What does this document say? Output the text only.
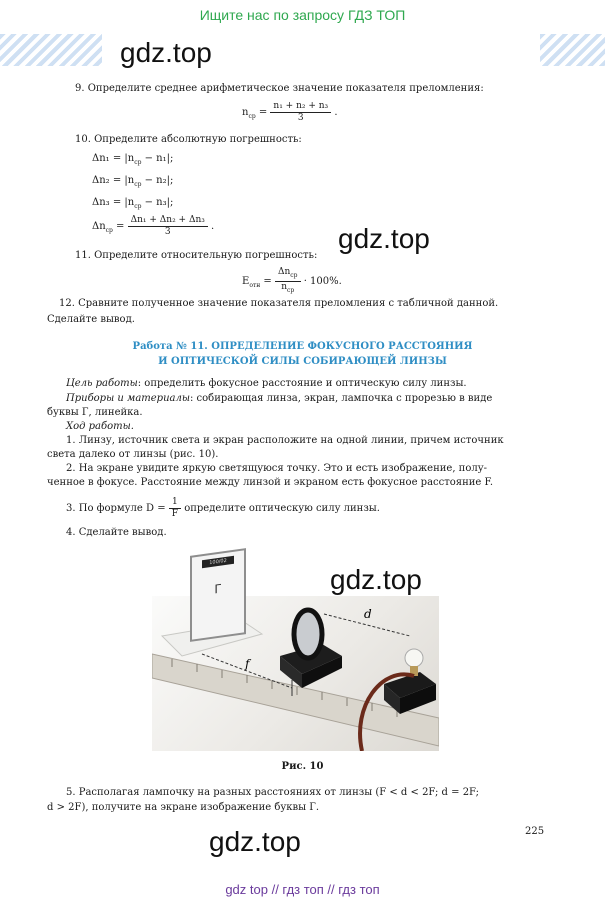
Ищите нас по запросу ГДЗ ТОП
gdz.top
9. Определите среднее арифметическое значение показателя преломления:
$n_{ср} = \frac{\text{n₁ + n₂ + n₃}}{3}$ .
10. Определите абсолютную погрешность:
$\Delta n_1 = |n_{ср} - n_1|$;
$\Delta n_2 = |n_{ср} - n_2|$;
$\Delta n_3 = |n_{ср} - n_3|$;
$\Delta n_{ср} = \frac{\text{Δn₁ + Δn₂ + Δn₃}}{3}$ .	gdz.top
11. Определите относительную погрешность:
$E_{отн} = \frac{\Delta n_{ср}}{n_{ср}} \cdot 100\%$.
12. Сравните полученное значение показателя преломления с табличной данной.
Сделайте вывод.
Работа № 11. ОПРЕДЕЛЕНИЕ ФОКУСНОГО РАССТОЯНИЯ
И ОПТИЧЕСКОЙ СИЛЫ СОБИРАЮЩЕЙ ЛИНЗЫ
Цель работы: определить фокусное расстояние и оптическую силу линзы.
Приборы и материалы: собирающая линза, экран, лампочка с прорезью в виде
буквы Г, линейка.
Ход работы.
1. Линзу, источник света и экран расположите на одной линии, причем источник
света далеко от линзы (рис. 10).
2. На экране увидите яркую светящуюся точку. Это и есть изображение, полу-
ченное в фокусе. Расстояние между линзой и экраном есть фокусное расстояние F.
3. По формуле $D = \frac{1}{F}$ определите оптическую силу линзы.
4. Сделайте вывод.
gdz.top
d
f
100/02
Г
Рис. 10
5. Располагая лампочку на разных расстояниях от линзы (F < d < 2F; d = 2F;
d > 2F), получите на экране изображение буквы Г.
225
gdz.top
gdz top // гдз топ // гдз топ
